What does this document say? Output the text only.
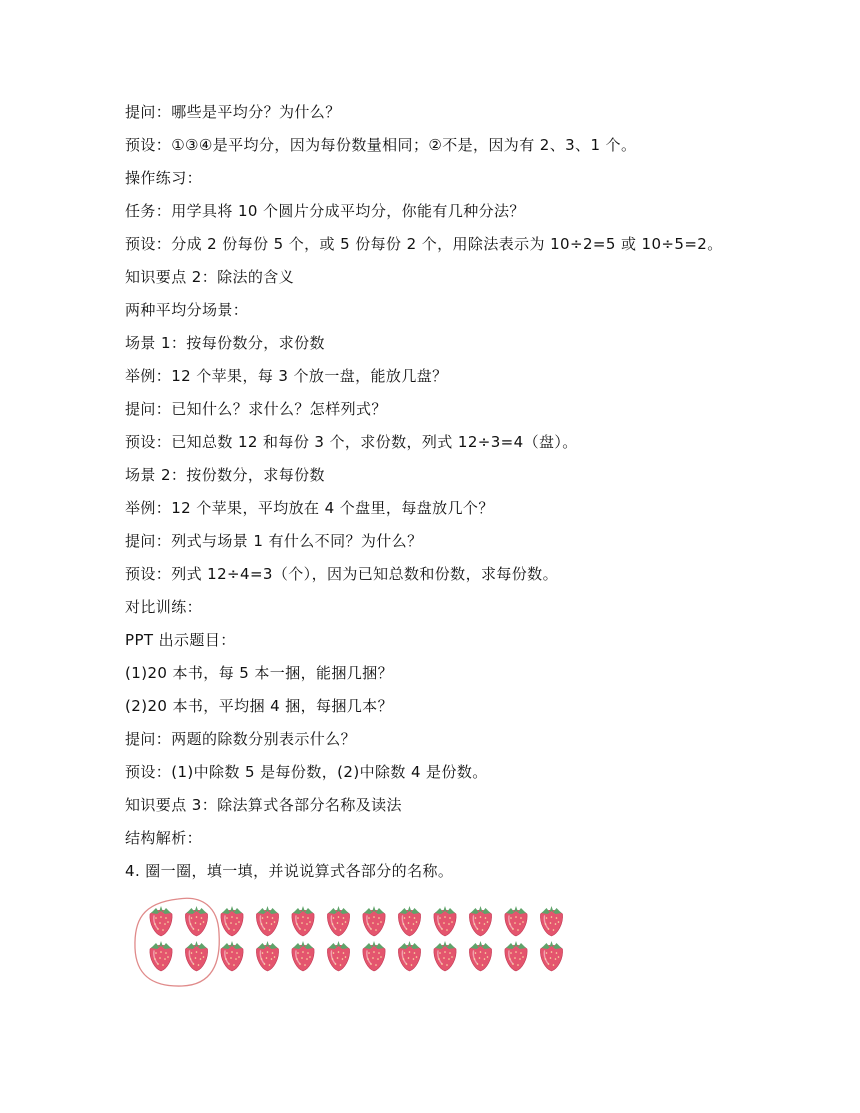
提问：哪些是平均分？为什么？
预设：①③④是平均分，因为每份数量相同；②不是，因为有 2、3、1 个。
操作练习：
任务：用学具将 10 个圆片分成平均分，你能有几种分法？
预设：分成 2 份每份 5 个，或 5 份每份 2 个，用除法表示为 10÷2=5 或 10÷5=2。
知识要点 2：除法的含义
两种平均分场景：
场景 1：按每份数分，求份数
举例：12 个苹果，每 3 个放一盘，能放几盘？
提问：已知什么？求什么？怎样列式？
预设：已知总数 12 和每份 3 个，求份数，列式 12÷3=4（盘）。
场景 2：按份数分，求每份数
举例：12 个苹果，平均放在 4 个盘里，每盘放几个？
提问：列式与场景 1 有什么不同？为什么？
预设：列式 12÷4=3（个），因为已知总数和份数，求每份数。
对比训练：
PPT 出示题目：
(1)20 本书，每 5 本一捆，能捆几捆？
(2)20 本书，平均捆 4 捆，每捆几本？
提问：两题的除数分别表示什么？
预设：(1)中除数 5 是每份数，(2)中除数 4 是份数。
知识要点 3：除法算式各部分名称及读法
结构解析：
4. 圈一圈，填一填，并说说算式各部分的名称。
